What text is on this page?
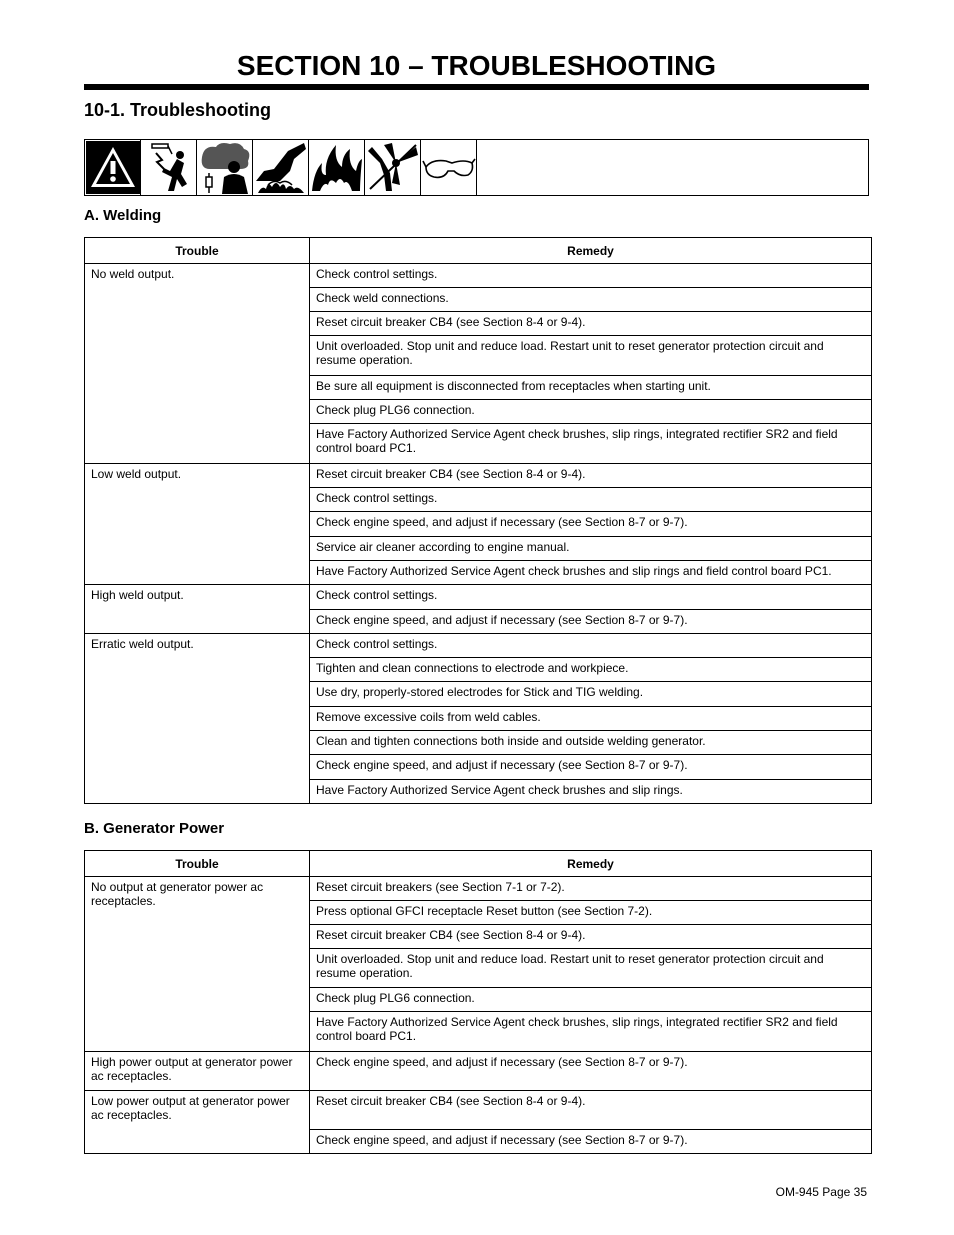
SECTION 10 – TROUBLESHOOTING
10-1. Troubleshooting
A. Welding
Trouble	Remedy
No weld output.	Check control settings.
	Check weld connections.
	Reset circuit breaker CB4 (see Section 8-4 or 9-4).
	Unit overloaded. Stop unit and reduce load. Restart unit to reset generator protection circuit and resume operation.
	Be sure all equipment is disconnected from receptacles when starting unit.
	Check plug PLG6 connection.
	Have Factory Authorized Service Agent check brushes, slip rings, integrated rectifier SR2 and field control board PC1.
Low weld output.	Reset circuit breaker CB4 (see Section 8-4 or 9-4).
	Check control settings.
	Check engine speed, and adjust if necessary (see Section 8-7 or 9-7).
	Service air cleaner according to engine manual.
	Have Factory Authorized Service Agent check brushes and slip rings and field control board PC1.
High weld output.	Check control settings.
	Check engine speed, and adjust if necessary (see Section 8-7 or 9-7).
Erratic weld output.	Check control settings.
	Tighten and clean connections to electrode and workpiece.
	Use dry, properly-stored electrodes for Stick and TIG welding.
	Remove excessive coils from weld cables.
	Clean and tighten connections both inside and outside welding generator.
	Check engine speed, and adjust if necessary (see Section 8-7 or 9-7).
	Have Factory Authorized Service Agent check brushes and slip rings.
B. Generator Power
Trouble	Remedy
No output at generator power ac receptacles.	Reset circuit breakers (see Section 7-1 or 7-2).
	Press optional GFCI receptacle Reset button (see Section 7-2).
	Reset circuit breaker CB4 (see Section 8-4 or 9-4).
	Unit overloaded. Stop unit and reduce load. Restart unit to reset generator protection circuit and resume operation.
	Check plug PLG6 connection.
	Have Factory Authorized Service Agent check brushes, slip rings, integrated rectifier SR2 and field control board PC1.
High power output at generator power ac receptacles.	Check engine speed, and adjust if necessary (see Section 8-7 or 9-7).
Low power output at generator power ac receptacles.	Reset circuit breaker CB4 (see Section 8-4 or 9-4).
	Check engine speed, and adjust if necessary (see Section 8-7 or 9-7).
OM-945 Page 35
